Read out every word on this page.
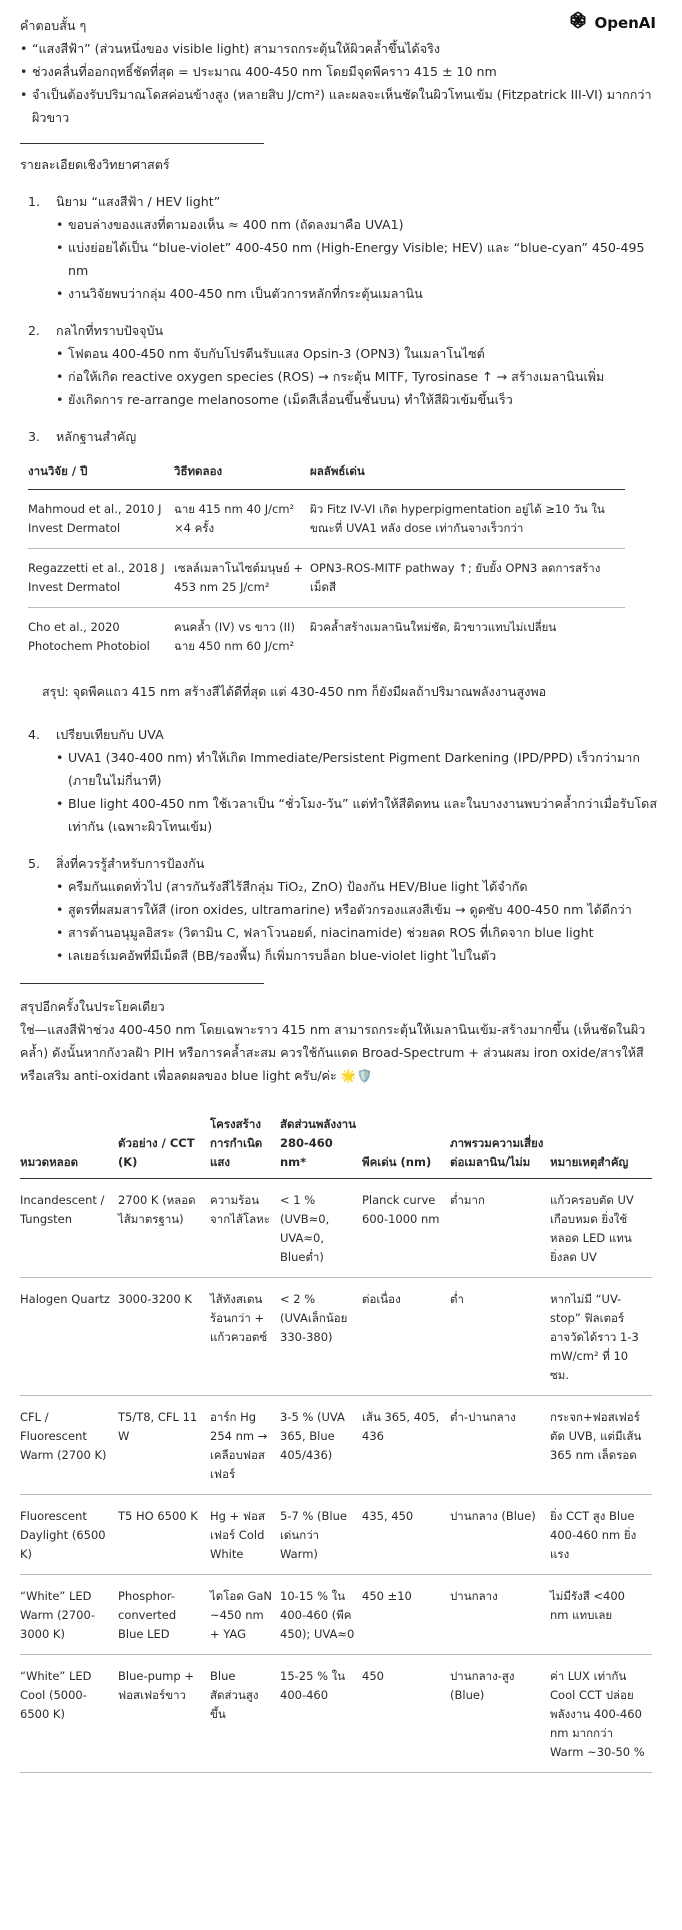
OpenAI

คำตอบสั้น ๆ

• “แสงสีฟ้า” (ส่วนหนึ่งของ visible light) สามารถกระตุ้นให้ผิวคล้ำขึ้นได้จริง
• ช่วงคลื่นที่ออกฤทธิ์ชัดที่สุด = ประมาณ 400-450 nm โดยมีจุดพีคราว 415 ± 10 nm
• จำเป็นต้องรับปริมาณโดสค่อนข้างสูง (หลายสิบ J/cm²) และผลจะเห็นชัดในผิวโทนเข้ม (Fitzpatrick III-VI) มากกว่าผิวขาว

รายละเอียดเชิงวิทยาศาสตร์

1. นิยาม “แสงสีฟ้า / HEV light”

• ขอบล่างของแสงที่ตามองเห็น ≈ 400 nm (ถัดลงมาคือ UVA1)
• แบ่งย่อยได้เป็น “blue-violet” 400-450 nm (High-Energy Visible; HEV) และ “blue-cyan” 450-495 nm
• งานวิจัยพบว่ากลุ่ม 400-450 nm เป็นตัวการหลักที่กระตุ้นเมลานิน
2. กลไกที่ทราบปัจจุบัน

• โฟตอน 400-450 nm จับกับโปรตีนรับแสง Opsin-3 (OPN3) ในเมลาโนไซต์
• ก่อให้เกิด reactive oxygen species (ROS) → กระตุ้น MITF, Tyrosinase ↑ → สร้างเมลานินเพิ่ม
• ยังเกิดการ re-arrange melanosome (เม็ดสีเลื่อนขึ้นชั้นบน) ทำให้สีผิวเข้มขึ้นเร็ว
3. หลักฐานสำคัญ

งานวิจัย / ปี	วิธีทดลอง	ผลลัพธ์เด่น
Mahmoud et al., 2010 J Invest Dermatol	ฉาย 415 nm 40 J/cm² ×4 ครั้ง	ผิว Fitz IV-VI เกิด hyperpigmentation อยู่ได้ ≥10 วัน ในขณะที่ UVA1 หลัง dose เท่ากันจางเร็วกว่า
Regazzetti et al., 2018 J Invest Dermatol	เซลล์เมลาโนไซต์มนุษย์ + 453 nm 25 J/cm²	OPN3-ROS-MITF pathway ↑; ยับยั้ง OPN3 ลดการสร้างเม็ดสี
Cho et al., 2020 Photochem Photobiol	คนคล้ำ (IV) vs ขาว (II) ฉาย 450 nm 60 J/cm²	ผิวคล้ำสร้างเมลานินใหม่ชัด, ผิวขาวแทบไม่เปลี่ยน

สรุป: จุดพีคแถว 415 nm สร้างสีได้ดีที่สุด แต่ 430-450 nm ก็ยังมีผลถ้าปริมาณพลังงานสูงพอ

4. เปรียบเทียบกับ UVA

• UVA1 (340-400 nm) ทำให้เกิด Immediate/Persistent Pigment Darkening (IPD/PPD) เร็วกว่ามาก (ภายในไม่กี่นาที)
• Blue light 400-450 nm ใช้เวลาเป็น “ชั่วโมง-วัน” แต่ทำให้สีติดทน และในบางงานพบว่าคล้ำกว่าเมื่อรับโดสเท่ากัน (เฉพาะผิวโทนเข้ม)
5. สิ่งที่ควรรู้สำหรับการป้องกัน

• ครีมกันแดดทั่วไป (สารกันรังสีไร้สีกลุ่ม TiO₂, ZnO) ป้องกัน HEV/Blue light ได้จำกัด
• สูตรที่ผสมสารให้สี (iron oxides, ultramarine) หรือตัวกรองแสงสีเข้ม → ดูดซับ 400-450 nm ได้ดีกว่า
• สารต้านอนุมูลอิสระ (วิตามิน C, ฟลาโวนอยด์, niacinamide) ช่วยลด ROS ที่เกิดจาก blue light
• เลเยอร์เมคอัพที่มีเม็ดสี (BB/รองพื้น) ก็เพิ่มการบล็อก blue-violet light ไปในตัว

สรุปอีกครั้งในประโยคเดียว

ใช่—แสงสีฟ้าช่วง 400-450 nm โดยเฉพาะราว 415 nm สามารถกระตุ้นให้เมลานินเข้ม-สร้างมากขึ้น (เห็นชัดในผิวคล้ำ) ดังนั้นหากกังวลฝ้า PIH หรือการคล้ำสะสม ควรใช้กันแดด Broad-Spectrum + ส่วนผสม iron oxide/สารให้สี หรือเสริม anti-oxidant เพื่อลดผลของ blue light ครับ/ค่ะ 🌟🛡️

หมวดหลอด	ตัวอย่าง / CCT (K)	โครงสร้างการกำเนิดแสง	สัดส่วนพลังงาน 280-460 nm*	พีคเด่น (nm)	ภาพรวมความเสี่ยงต่อเมลานิน/ไม่ม	หมายเหตุสำคัญ
Incandescent / Tungsten	2700 K (หลอดไส้มาตรฐาน)	ความร้อนจากไส้โลหะ	< 1 % (UVB≈0, UVA≈0, Blueต่ำ)	Planck curve 600-1000 nm	ต่ำมาก	แก้วครอบตัด UV เกือบหมด ยิ่งใช้หลอด LED แทน ยิ่งลด UV
Halogen Quartz	3000-3200 K	ไส้ทังสเตนร้อนกว่า + แก้วควอตซ์	< 2 % (UVAเล็กน้อย 330-380)	ต่อเนื่อง	ต่ำ	หากไม่มี “UV-stop” ฟิลเตอร์ อาจวัดได้ราว 1-3 mW/cm² ที่ 10 ซม.
CFL / Fluorescent Warm (2700 K)	T5/T8, CFL 11 W	อาร์ก Hg 254 nm → เคลือบฟอสเฟอร์	3-5 % (UVA 365, Blue 405/436)	เส้น 365, 405, 436	ต่ำ-ปานกลาง	กระจก+ฟอสเฟอร์ตัด UVB, แต่มีเส้น 365 nm เล็ดรอด
Fluorescent Daylight (6500 K)	T5 HO 6500 K	Hg + ฟอสเฟอร์ Cold White	5-7 % (Blue เด่นกว่า Warm)	435, 450	ปานกลาง (Blue)	ยิ่ง CCT สูง Blue 400-460 nm ยิ่งแรง
“White” LED Warm (2700-3000 K)	Phosphor-converted Blue LED	ไดโอด GaN ~450 nm + YAG	10-15 % ใน 400-460 (พีค 450); UVA≈0	450 ±10	ปานกลาง	ไม่มีรังสี <400 nm แทบเลย
“White” LED Cool (5000-6500 K)	Blue-pump + ฟอสเฟอร์ขาว	Blue สัดส่วนสูงขึ้น	15-25 % ใน 400-460	450	ปานกลาง-สูง (Blue)	ค่า LUX เท่ากัน Cool CCT ปล่อยพลังงาน 400-460 nm มากกว่า Warm ~30-50 %
